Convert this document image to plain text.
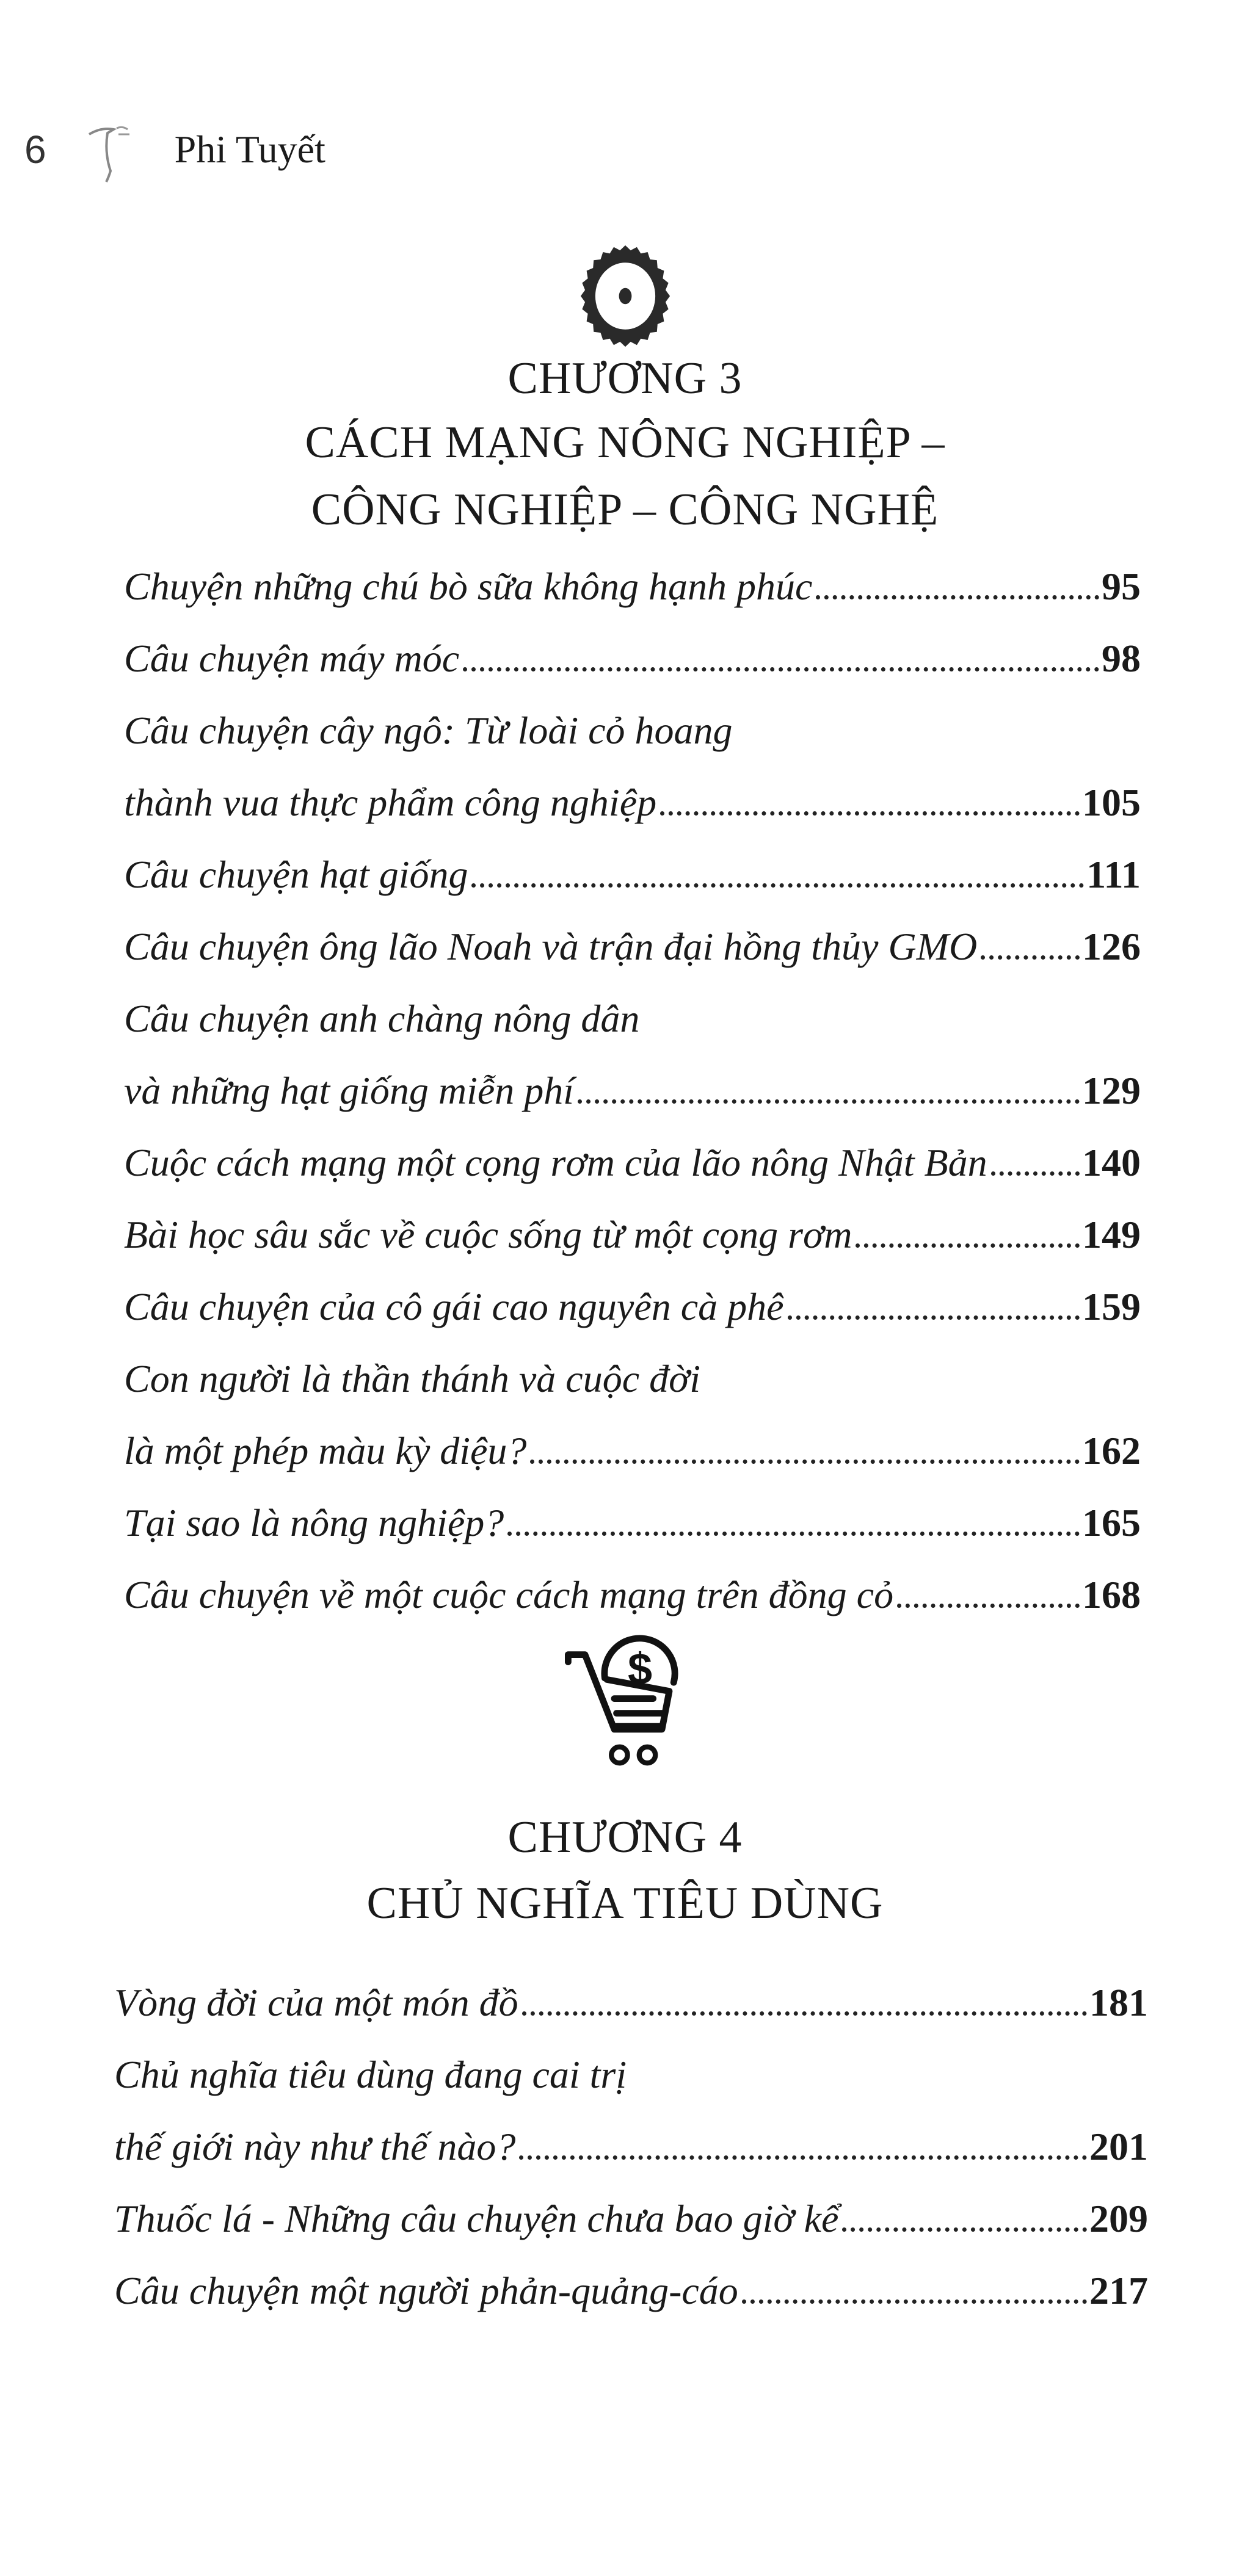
6	Phi Tuyết
CHƯƠNG 3
CÁCH MẠNG NÔNG NGHIỆP –
CÔNG NGHIỆP – CÔNG NGHỆ
Chuyện những chú bò sữa không hạnh phúc	95
Câu chuyện máy móc	98
Câu chuyện cây ngô: Từ loài cỏ hoang
thành vua thực phẩm công nghiệp	105
Câu chuyện hạt giống	111
Câu chuyện ông lão Noah và trận đại hồng thủy GMO	126
Câu chuyện anh chàng nông dân
và những hạt giống miễn phí	129
Cuộc cách mạng một cọng rơm của lão nông Nhật Bản 140
Bài học sâu sắc về cuộc sống từ một cọng rơm	149
Câu chuyện của cô gái cao nguyên cà phê	159
Con người là thần thánh và cuộc đời
là một phép màu kỳ diệu?	162
Tại sao là nông nghiệp?	165
Câu chuyện về một cuộc cách mạng trên đồng cỏ	168
$
CHƯƠNG 4
CHỦ NGHĨA TIÊU DÙNG
Vòng đời của một món đồ	181
Chủ nghĩa tiêu dùng đang cai trị
thế giới này như thế nào?	201
Thuốc lá - Những câu chuyện chưa bao giờ kể	209
Câu chuyện một người phản-quảng-cáo	217
